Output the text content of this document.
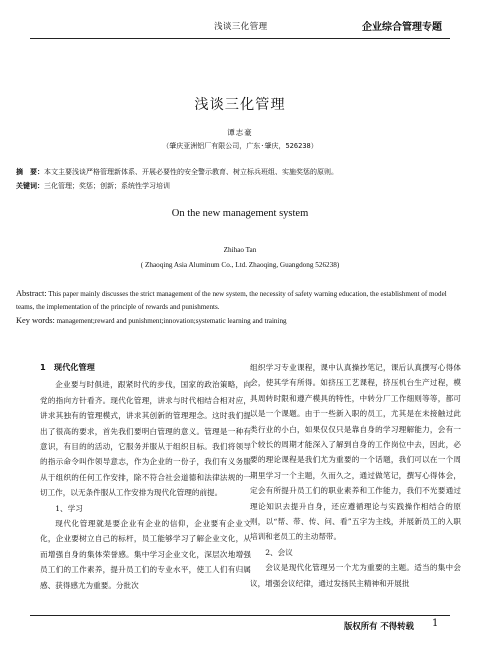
浅谈三化管理	企业综合管理专题
浅谈三化管理
谭志豪
（肇庆亚洲铝厂有限公司，广东·肇庆，526238）
摘　要：本文主要浅谈严格管理新体系、开展必要性的安全警示教育、树立标兵班组、实施奖惩的原则。
关键词：三化管理；奖惩；创新；系统性学习培训
On the new management system
Zhihao Tan
( Zhaoqing Asia Aluminum Co., Ltd. Zhaoqing, Guangdong 526238)
Abstract: This paper mainly discusses the strict management of the new system, the necessity of safety warning education, the establishment of model teams, the implementation of the principle of rewards and punishments.
Key words: management;reward and punishment;innovation;systematic learning and training

1　现代化管理

企业要与时俱进，跟紧时代的步伐，国家的政治策略，向党的指向方针看齐。现代化管理，讲求与时代相结合相对应，讲求其独有的管理模式，讲求其创新的管理理念。这时我们提出了很高的要求，首先我们要明白管理的意义。管理是一种有意识，有目的的活动，它服务并服从于组织目标。我们将领导的指示命令叫作领导意志，作为企业的一份子，我们有义务服从于组织的任何工作安排，除不符合社会道德和法律法规的一切工作，以无条件服从工作安排为现代化管理的前提。

1、学习

现代化管理就是要企业有企业的信仰，企业要有企业文化，企业要树立自己的标杆，员工能够学习了解企业文化，从而增强自身的集体荣誉感。集中学习企业文化，深层次地增强员工们的工作素养，提升员工们的专业水平，使工人们有归属感、获得感尤为重要。分批次

组织学习专业课程，课中认真操抄笔记，课后认真撰写心得体会，使其学有所得。如挤压工艺课程，挤压机台生产过程，模具周转时限和遵产模具的特性，中转分厂工作细则等等，都可以是一个课题。由于一些新入职的员工，尤其是在未接触过此类行业的小白，如果仅仅只是靠自身的学习理解能力，会有一个较长的周期才能深入了解到自身的工作岗位中去，因此，必要的理论课程是我们尤为重要的一个话题，我们可以在一个周期里学习一个主题，久而久之，通过做笔记，撰写心得体会，定会有所提升员工们的职业素养和工作能力，我们不光要通过理论知识去提升自身，还应遵循理论与实践操作相结合的原则，以“帮、带、传、问、看”五字为主线，并展新员工的入职培训和老员工的主动帮带。

2、会议

会议是现代化管理另一个尤为重要的主题。适当的集中会议，增强会议纪律，通过发扬民主精神和开展批

版权所有 不得转载 1
